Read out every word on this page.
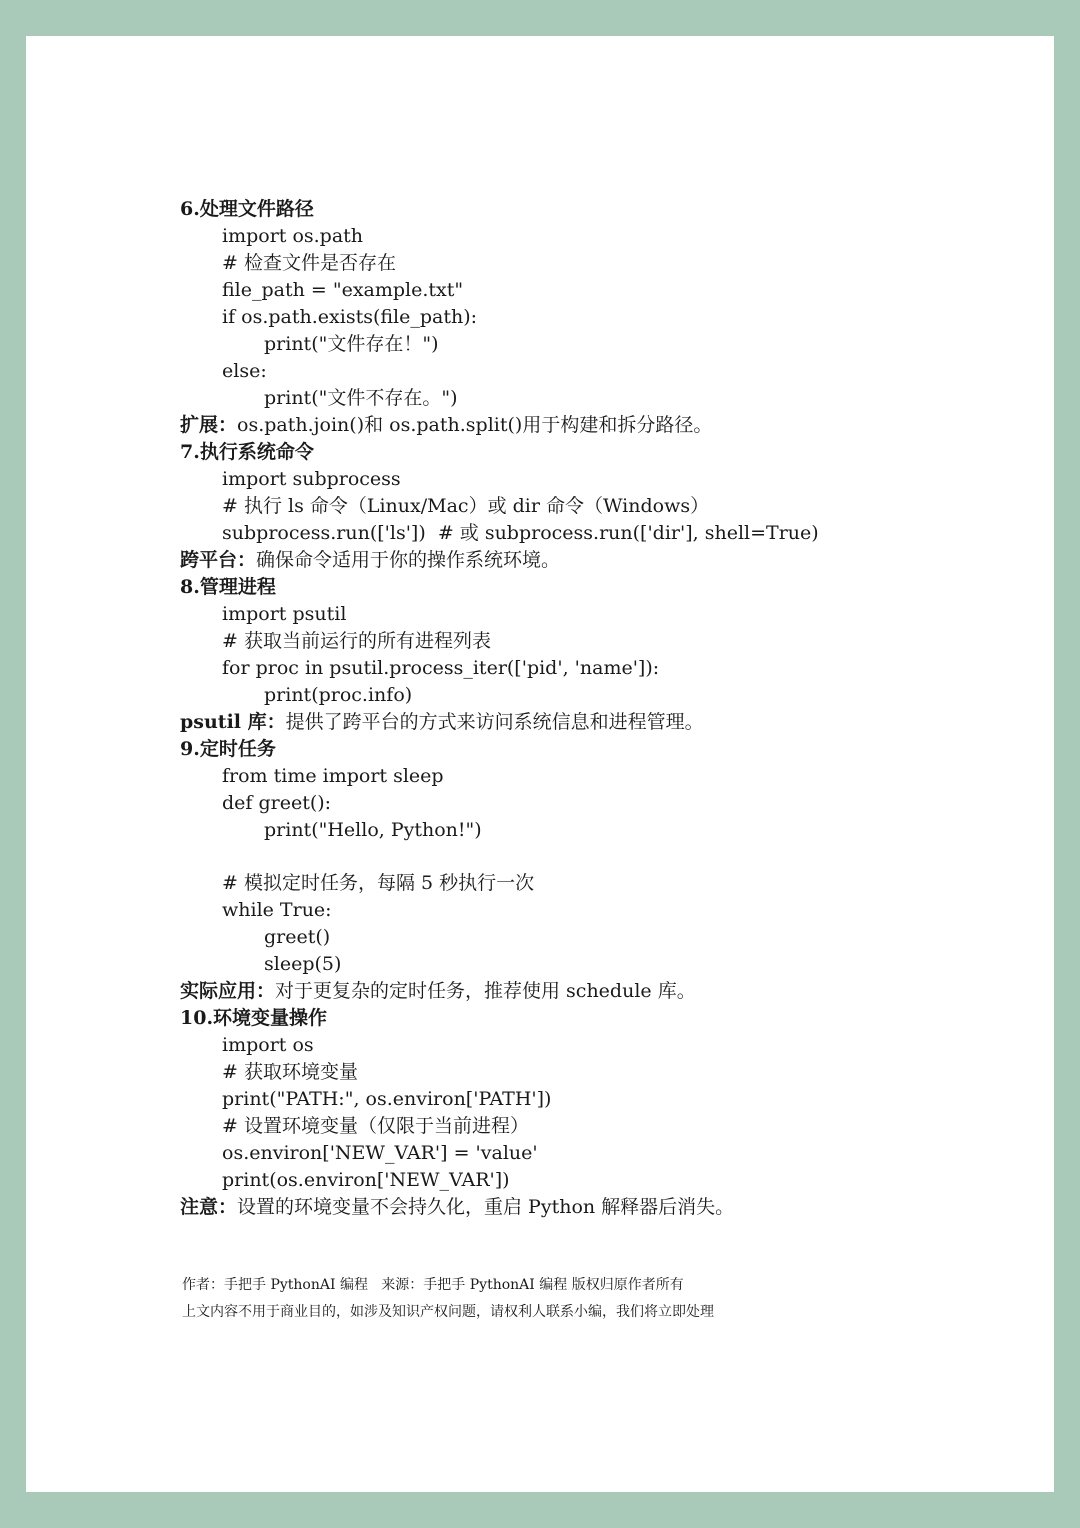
6.处理文件路径
import os.path
# 检查文件是否存在
file_path = "example.txt"
if os.path.exists(file_path):
print("文件存在！")
else:
print("文件不存在。")
扩展：os.path.join()和 os.path.split()用于构建和拆分路径。
7.执行系统命令
import subprocess
# 执行 ls 命令（Linux/Mac）或 dir 命令（Windows）
subprocess.run(['ls'])  # 或 subprocess.run(['dir'], shell=True)
跨平台：确保命令适用于你的操作系统环境。
8.管理进程
import psutil
# 获取当前运行的所有进程列表
for proc in psutil.process_iter(['pid', 'name']):
print(proc.info)
psutil 库：提供了跨平台的方式来访问系统信息和进程管理。
9.定时任务
from time import sleep
def greet():
print("Hello, Python!")
# 模拟定时任务，每隔 5 秒执行一次
while True:
greet()
sleep(5)
实际应用：对于更复杂的定时任务，推荐使用 schedule 库。
10.环境变量操作
import os
# 获取环境变量
print("PATH:", os.environ['PATH'])
# 设置环境变量（仅限于当前进程）
os.environ['NEW_VAR'] = 'value'
print(os.environ['NEW_VAR'])
注意：设置的环境变量不会持久化，重启 Python 解释器后消失。
作者：手把手 PythonAI 编程   来源：手把手 PythonAI 编程 版权归原作者所有
上文内容不用于商业目的，如涉及知识产权问题，请权利人联系小编，我们将立即处理
